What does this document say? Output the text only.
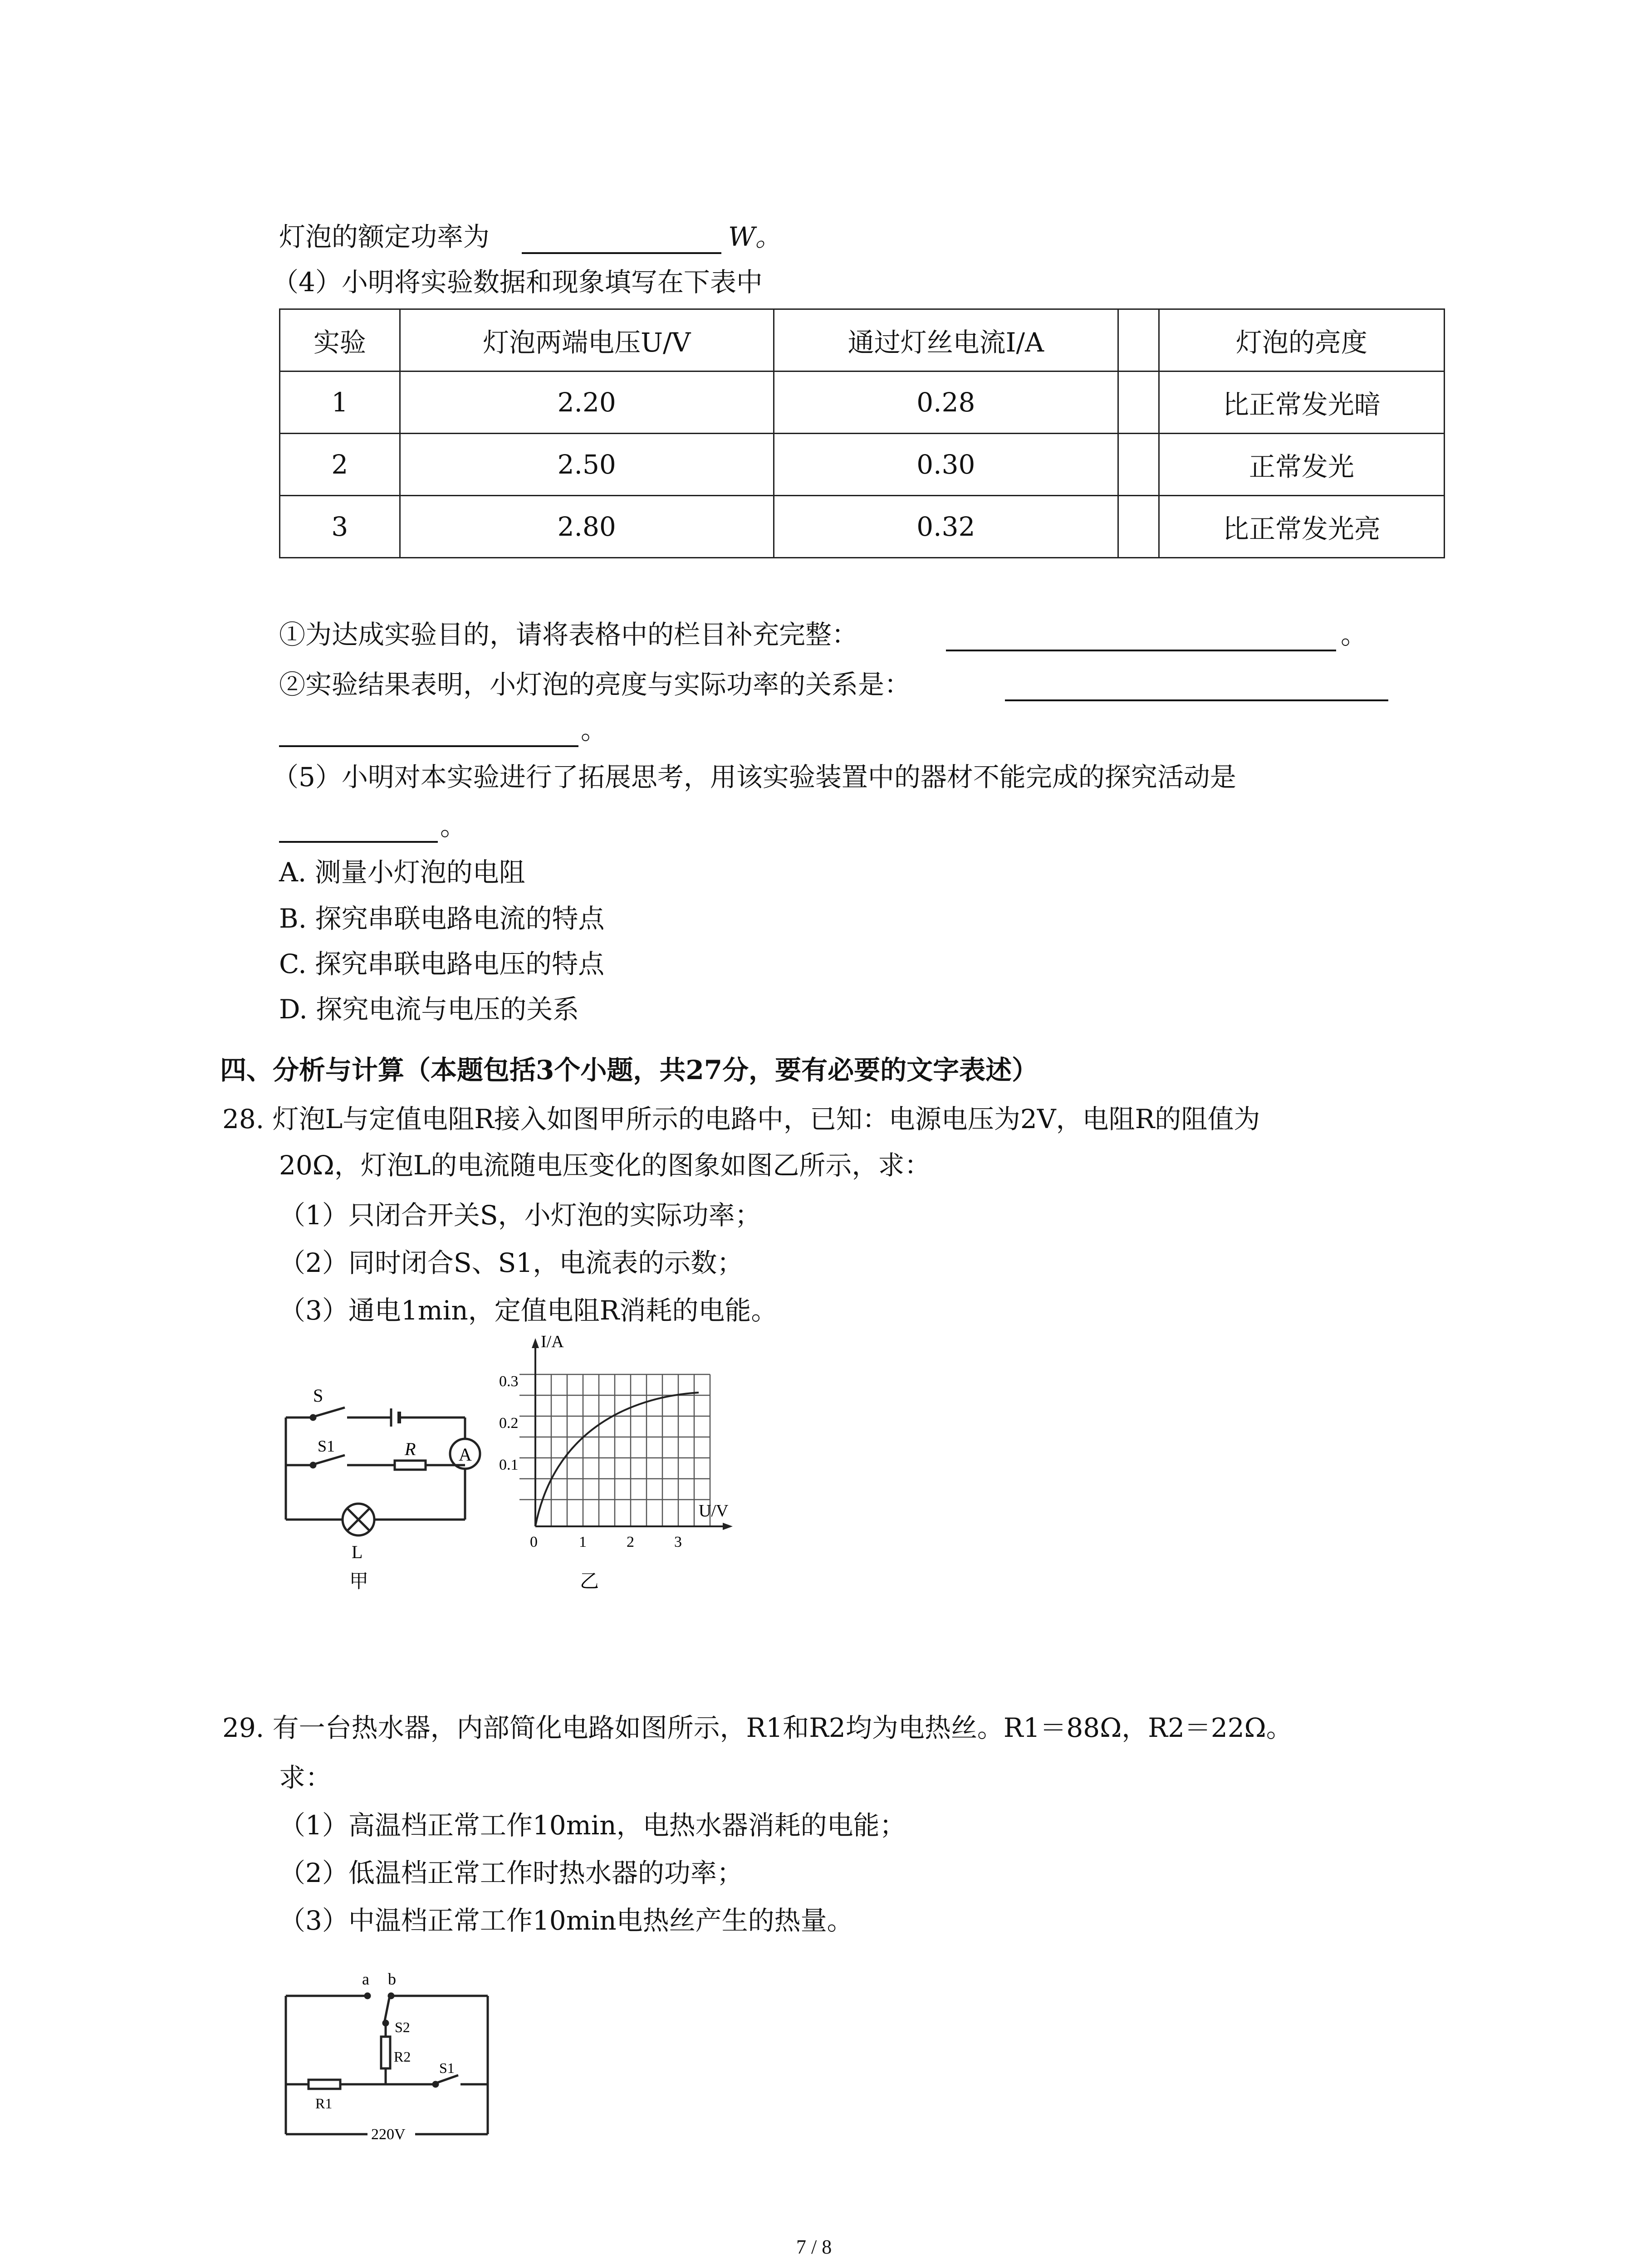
灯泡的额定功率为	W。
（4）小明将实验数据和现象填写在下表中
实验	灯泡两端电压U/V	通过灯丝电流I/A		灯泡的亮度
1	2.20	0.28		比正常发光暗
2	2.50	0.30		正常发光
3	2.80	0.32		比正常发光亮
①为达成实验目的，请将表格中的栏目补充完整：	。
②实验结果表明，小灯泡的亮度与实际功率的关系是：
。
（5）小明对本实验进行了拓展思考，用该实验装置中的器材不能完成的探究活动是
。
A. 测量小灯泡的电阻
B. 探究串联电路电流的特点
C. 探究串联电路电压的特点
D. 探究电流与电压的关系
四、分析与计算（本题包括3个小题，共27分，要有必要的文字表述）
28. 灯泡L与定值电阻R接入如图甲所示的电路中，已知：电源电压为2V，电阻R的阻值为
20Ω，灯泡L的电流随电压变化的图象如图乙所示，求：
（1）只闭合开关S，小灯泡的实际功率；
（2）同时闭合S、S1，电流表的示数；
（3）通电1min，定值电阻R消耗的电能。
S
S1	R A
L
甲
I/A
U/V
0.3
0.2
0.1
0	1	2	3
乙
29. 有一台热水器，内部简化电路如图所示，R1和R2均为电热丝。R1＝88Ω，R2＝22Ω。
求：
（1）高温档正常工作10min，电热水器消耗的电能；
（2）低温档正常工作时热水器的功率；
（3）中温档正常工作10min电热丝产生的热量。
a b
S2
R2
S1
R1
220V
7 / 8
